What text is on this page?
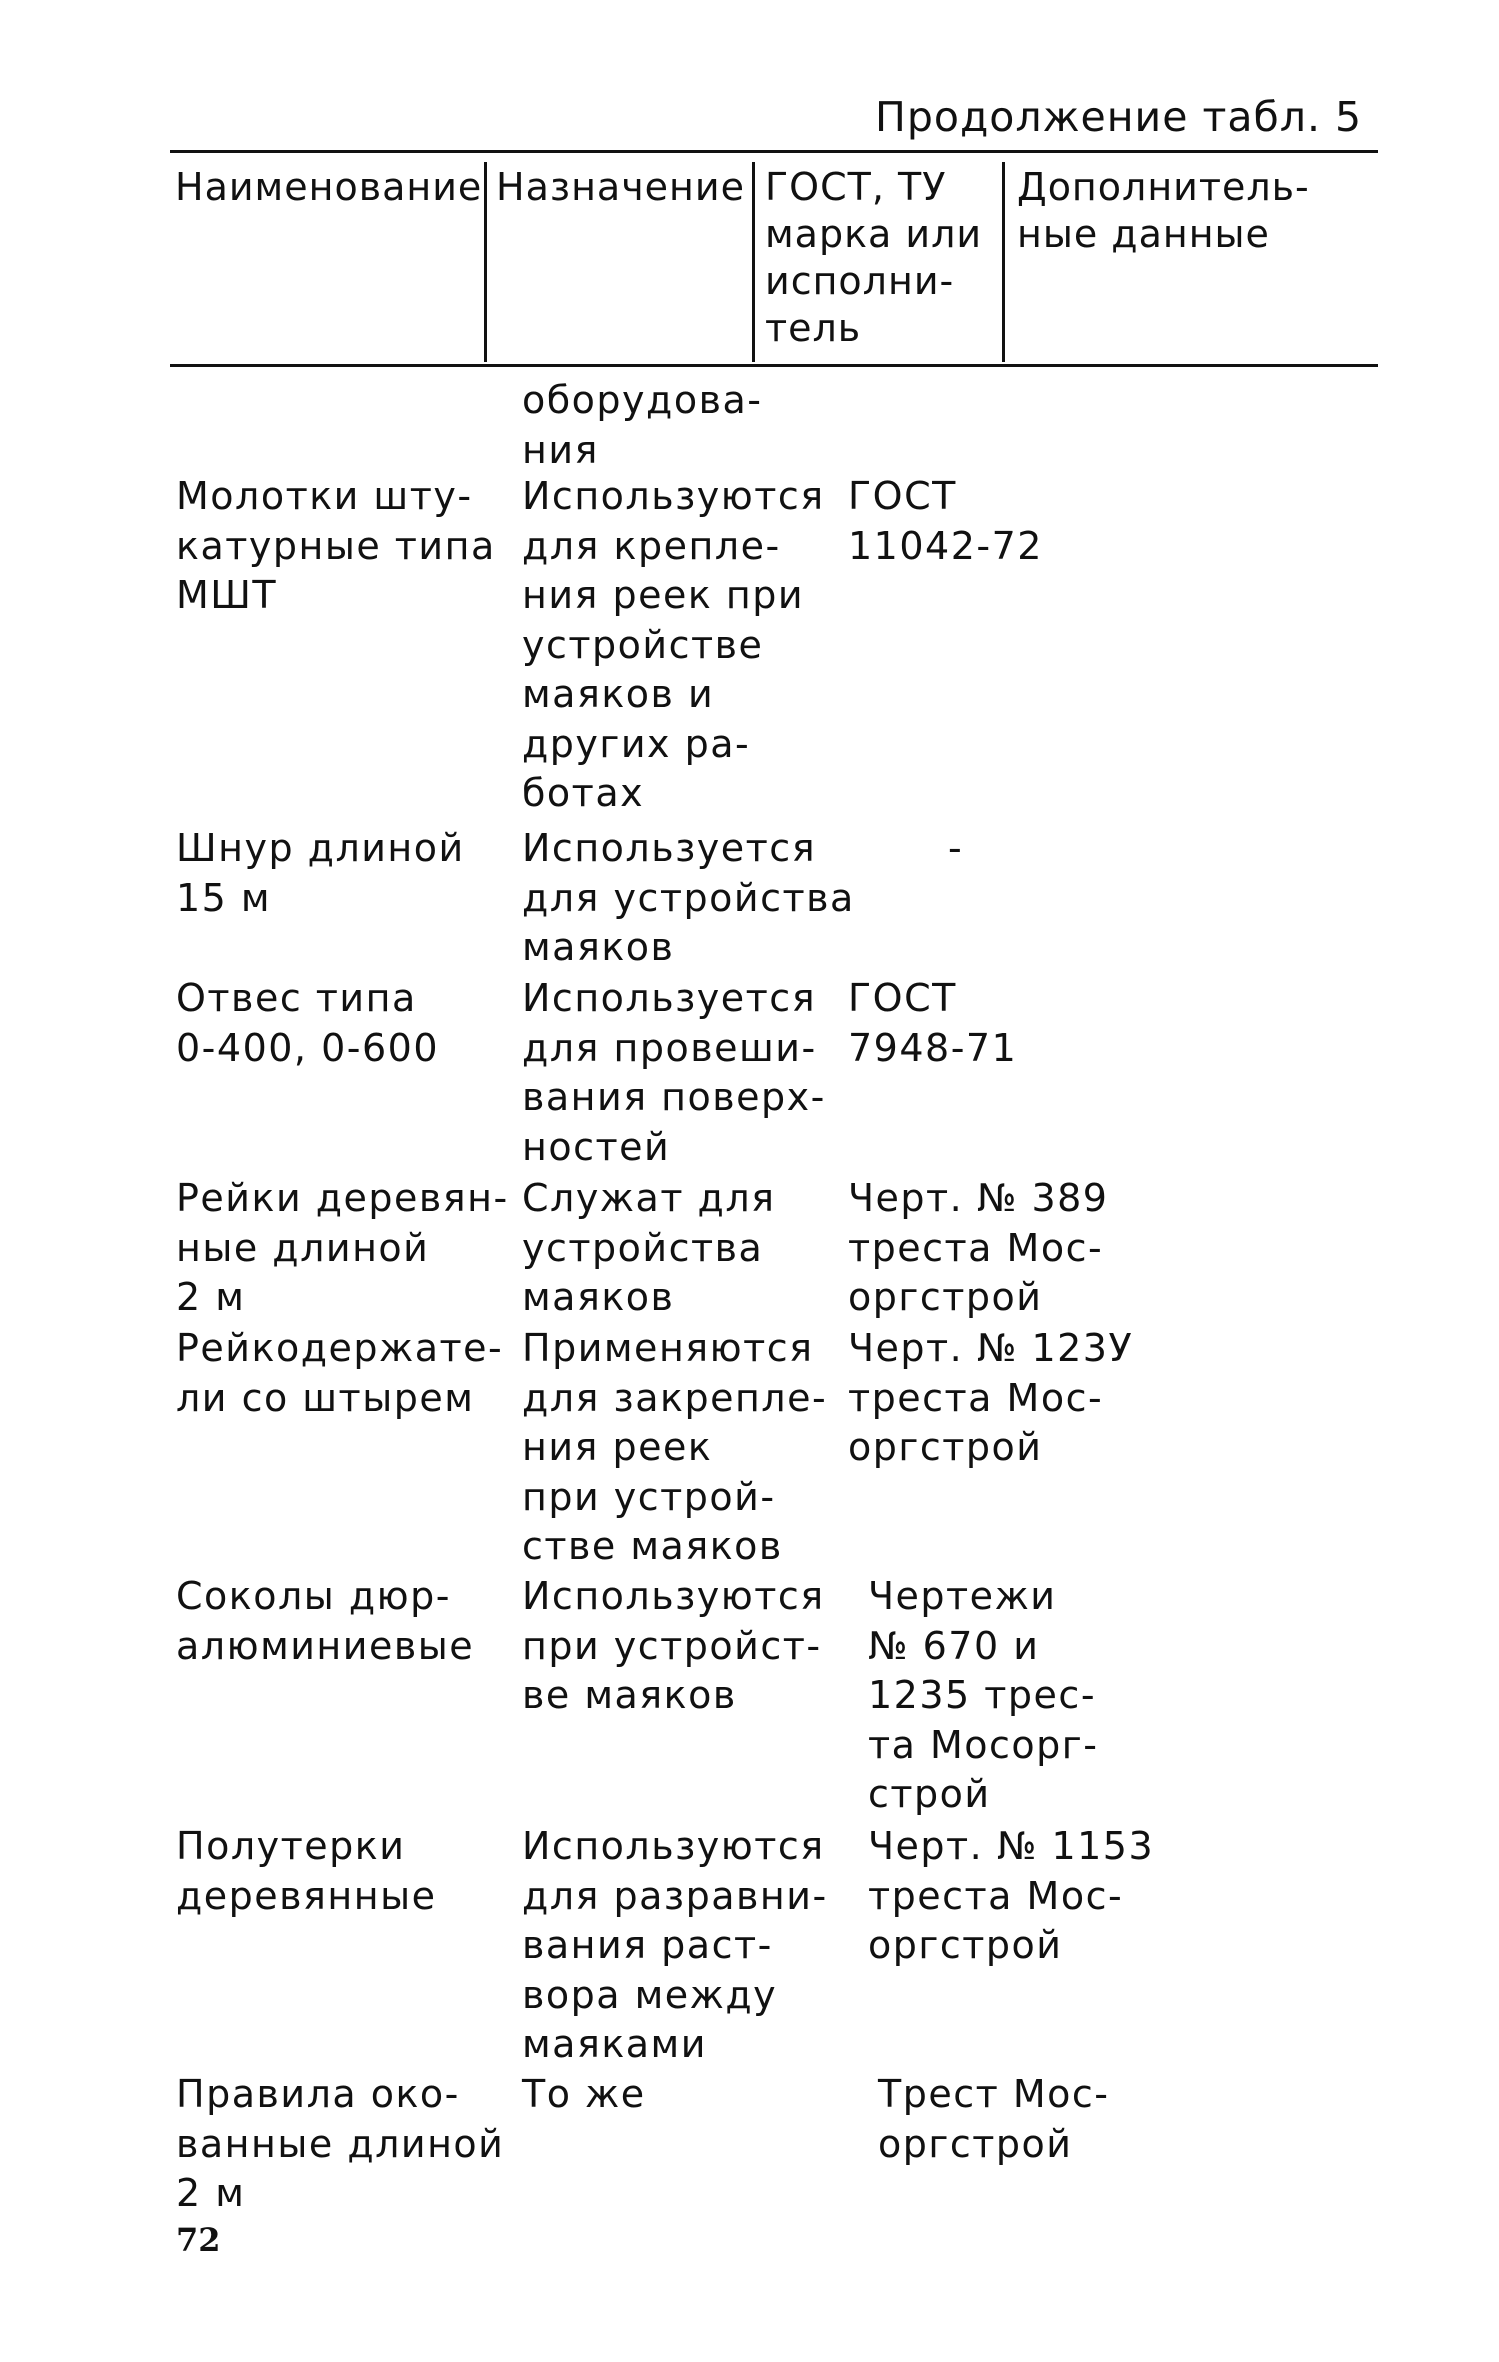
Продолжение табл. 5
Наименование Назначение ГОСТ, ТУ
марка или
исполни-
тель
Дополнитель-
ные данные
оборудова-
ния
Молотки шту-
катурные типа
МШТ
Используются
для крепле-
ния реек при
устройстве
маяков и
других ра-
ботах
ГОСТ
11042-72
Шнур длиной
15 м
Используется
для устройства
маяков
-
Отвес типа
0-400, 0-600
Используется
для провеши-
вания поверх-
ностей
ГОСТ
7948-71
Рейки деревян-
ные длиной
2 м
Служат для
устройства
маяков
Черт. № 389
треста Мос-
оргстрой
Рейкодержате-
ли со штырем
Применяются
для закрепле-
ния реек
при устрой-
стве маяков
Черт. № 123У
треста Мос-
оргстрой
Соколы дюр-
алюминиевые
Используются
при устройст-
ве маяков
Чертежи
№ 670 и
1235 трес-
та Мосорг-
строй
Полутерки
деревянные
Используются
для разравни-
вания раст-
вора между
маяками
Черт. № 1153
треста Мос-
оргстрой
Правила око-
ванные длиной
2 м
То же	Трест Мос-
оргстрой
72
